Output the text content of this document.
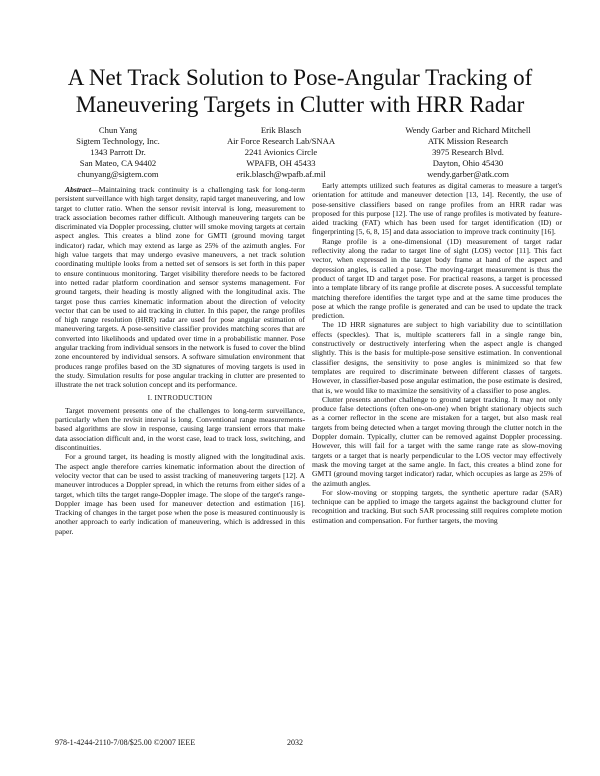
A Net Track Solution to Pose-Angular Tracking of
Maneuvering Targets in Clutter with HRR Radar
Chun Yang
Sigtem Technology, Inc.
1343 Parrott Dr.
San Mateo, CA 94402
chunyang@sigtem.com
Erik Blasch
Air Force Research Lab/SNAA
2241 Avionics Circle
WPAFB, OH 45433
erik.blasch@wpafb.af.mil
Wendy Garber and Richard Mitchell
ATK Mission Research
3975 Research Blvd.
Dayton, Ohio 45430
wendy.garber@atk.com

Abstract—Maintaining track continuity is a challenging task for long-term persistent surveillance with high target density, rapid target maneuvering, and low target to clutter ratio. When the sensor revisit interval is long, measurement to track association becomes rather difficult. Although maneuvering targets can be discriminated via Doppler processing, clutter will smoke moving targets at certain aspect angles. This creates a blind zone for GMTI (ground moving target indicator) radar, which may extend as large as 25% of the azimuth angles. For high value targets that may undergo evasive maneuvers, a net track solution coordinating multiple looks from a netted set of sensors is set forth in this paper to ensure continuous monitoring. Target visibility therefore needs to be factored into netted radar platform coordination and sensor systems management. For ground targets, their heading is mostly aligned with the longitudinal axis. The target pose thus carries kinematic information about the direction of velocity vector that can be used to aid tracking in clutter. In this paper, the range profiles of high range resolution (HRR) radar are used for pose angular estimation of maneuvering targets. A pose-sensitive classifier provides matching scores that are converted into likelihoods and updated over time in a probabilistic manner. Pose angular tracking from individual sensors in the network is fused to cover the blind zone encountered by individual sensors. A software simulation environment that produces range profiles based on the 3D signatures of moving targets is used in the study. Simulation results for pose angular tracking in clutter are presented to illustrate the net track solution concept and its performance.

I. INTRODUCTION

Target movement presents one of the challenges to long-term surveillance, particularly when the revisit interval is long. Conventional range measurements-based algorithms are slow in response, causing large transient errors that make data association difficult and, in the worst case, lead to track loss, switching, and discontinuities.

For a ground target, its heading is mostly aligned with the longitudinal axis. The aspect angle therefore carries kinematic information about the direction of velocity vector that can be used to assist tracking of maneuvering targets [12]. A maneuver introduces a Doppler spread, in which the returns from either sides of a target, which tilts the target range-Doppler image. The slope of the target's range-Doppler image has been used for maneuver detection and estimation [16]. Tracking of changes in the target pose when the pose is measured continuously is another approach to early indication of maneuvering, which is addressed in this paper.

Early attempts utilized such features as digital cameras to measure a target's orientation for attitude and maneuver detection [13, 14]. Recently, the use of pose-sensitive classifiers based on range profiles from an HRR radar was proposed for this purpose [12]. The use of range profiles is motivated by feature-aided tracking (FAT) which has been used for target identification (ID) or fingerprinting [5, 6, 8, 15] and data association to improve track continuity [16].

Range profile is a one-dimensional (1D) measurement of target radar reflectivity along the radar to target line of sight (LOS) vector [11]. This fact vector, when expressed in the target body frame at hand of the aspect and depression angles, is called a pose. The moving-target measurement is thus the product of target ID and target pose. For practical reasons, a target is processed into a template library of its range profile at discrete poses. A successful template matching therefore identifies the target type and at the same time produces the pose at which the range profile is generated and can be used to update the track prediction.

The 1D HRR signatures are subject to high variability due to scintillation effects (speckles). That is, multiple scatterers fall in a single range bin, constructively or destructively interfering when the aspect angle is changed slightly. This is the basis for multiple-pose sensitive estimation. In conventional classifier designs, the sensitivity to pose angles is minimized so that few templates are required to discriminate between different classes of targets. However, in classifier-based pose angular estimation, the pose estimate is desired, that is, we would like to maximize the sensitivity of a classifier to pose angles.

Clutter presents another challenge to ground target tracking. It may not only produce false detections (often one-on-one) when bright stationary objects such as a corner reflector in the scene are mistaken for a target, but also mask real targets from being detected when a target moving through the clutter notch in the Doppler domain. Typically, clutter can be removed against Doppler processing. However, this will fail for a target with the same range rate as slow-moving targets or a target that is nearly perpendicular to the LOS vector may effectively mask the moving target at the same angle. In fact, this creates a blind zone for GMTI (ground moving target indicator) radar, which occupies as large as 25% of the azimuth angles.

For slow-moving or stopping targets, the synthetic aperture radar (SAR) technique can be applied to image the targets against the background clutter for recognition and tracking. But such SAR processing still requires complete motion estimation and compensation. For further targets, the moving

978-1-4244-2110-7/08/$25.00 ©2007 IEEE	2032
